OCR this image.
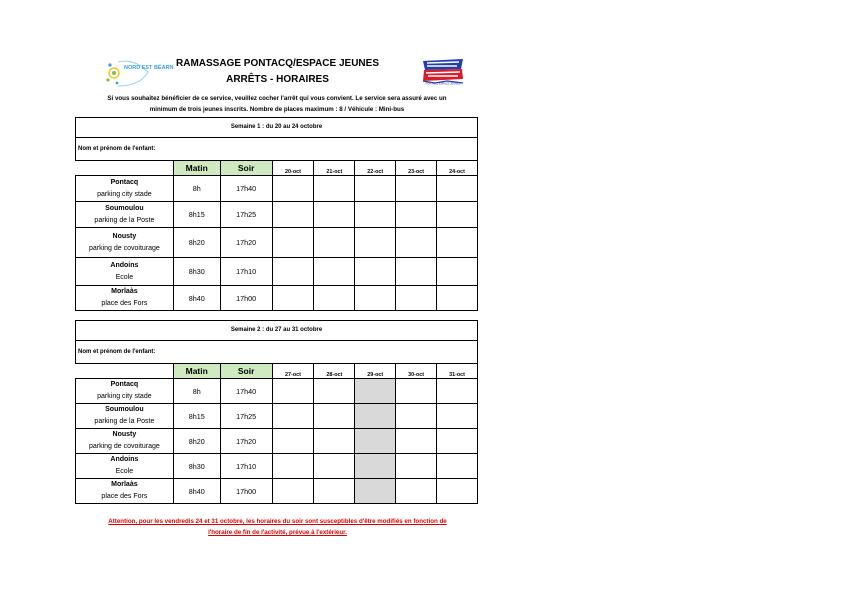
NORD EST BÉARN
PONTACQ ESPACE JEUNES
RAMASSAGE PONTACQ/ESPACE JEUNES
ARRÊTS - HORAIRES
Si vous souhaitez bénéficier de ce service, veuillez cocher l'arrêt qui vous convient. Le service sera assuré avec un
minimum de trois jeunes inscrits. Nombre de places maximum : 8 / Véhicule : Mini-bus
Semaine 1 : du 20 au 24 octobre
Nom et prénom de l'enfant:
	Matin	Soir	20-oct	21-oct	22-oct	23-oct	24-oct

Pontacq
parking city stade	8h	17h40					

Soumoulou
parking de la Poste	8h15	17h25					

Nousty
parking de covoiturage	8h20	17h20					

Andoins
Ecole	8h30	17h10					

Morlaàs
place des Fors	8h40	17h00					
Semaine 2 : du 27 au 31 octobre
Nom et prénom de l'enfant:
	Matin	Soir	27-oct	28-oct	29-oct	30-oct	31-oct

Pontacq
parking city stade	8h	17h40					

Soumoulou
parking de la Poste	8h15	17h25					

Nousty
parking de covoiturage	8h20	17h20					

Andoins
Ecole	8h30	17h10					

Morlaàs
place des Fors	8h40	17h00					
Attention, pour les vendredis 24 et 31 octobre, les horaires du soir sont susceptibles d'être modifiés en fonction de
l'horaire de fin de l'activité, prévue à l'extérieur.
